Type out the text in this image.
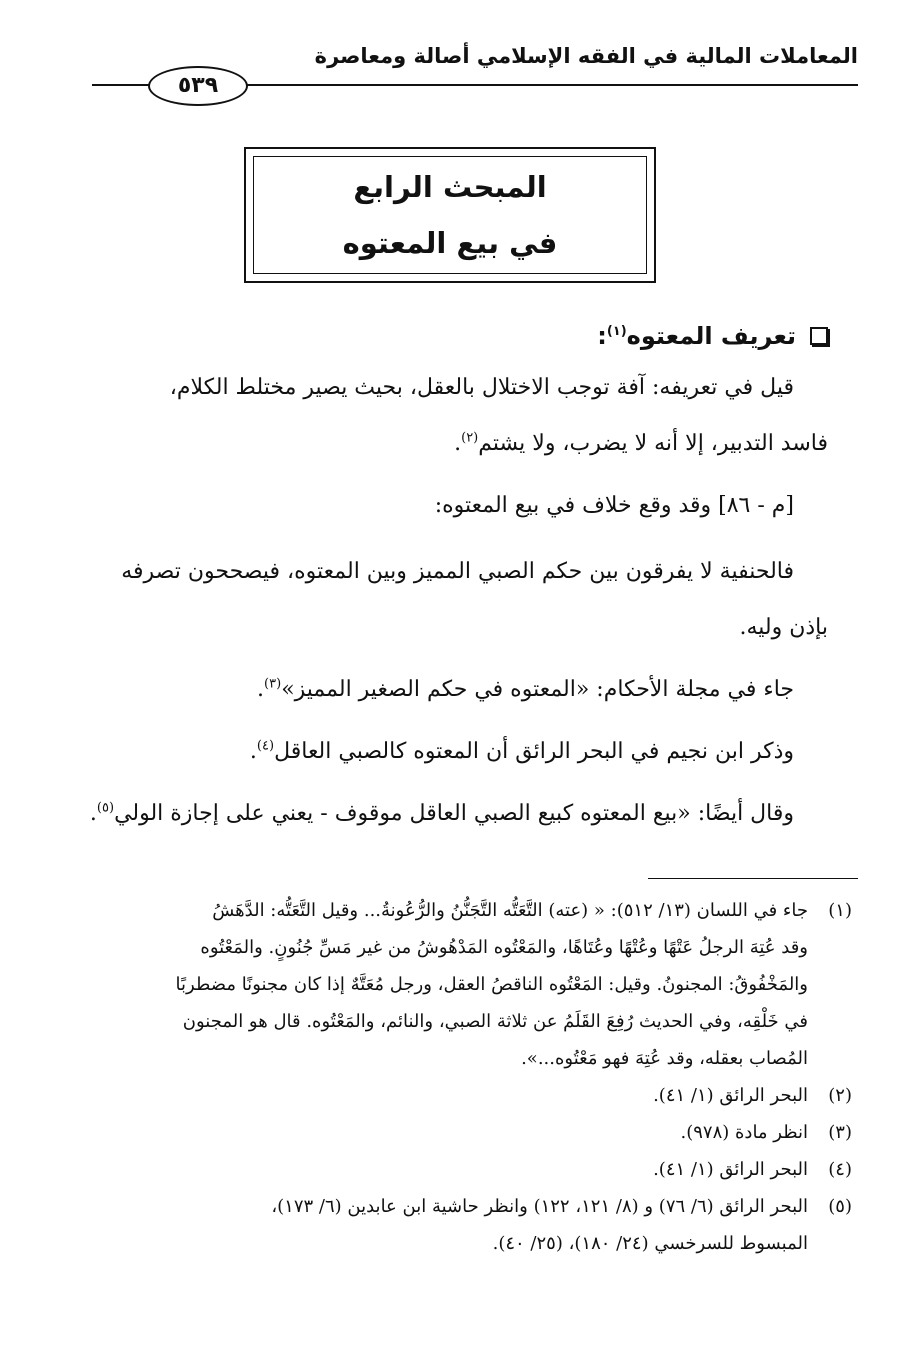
المعاملات المالية في الفقه الإسلامي أصالة ومعاصرة
٥٣٩
المبحث الرابع
في بيع المعتوه

تعريف المعتوه$^{(١)}$:

قيل في تعريفه: آفة توجب الاختلال بالعقل، بحيث يصير مختلط الكلام،

فاسد التدبير، إلا أنه لا يضرب، ولا يشتم$^{(٢)}$.

[م - ٨٦] وقد وقع خلاف في بيع المعتوه:

فالحنفية لا يفرقون بين حكم الصبي المميز وبين المعتوه، فيصححون تصرفه

بإذن وليه.

جاء في مجلة الأحكام: «المعتوه في حكم الصغير المميز»$^{(٣)}$.

وذكر ابن نجيم في البحر الرائق أن المعتوه كالصبي العاقل$^{(٤)}$.

وقال أيضًا: «بيع المعتوه كبيع الصبي العاقل موقوف - يعني على إجازة الولي$^{(٥)}$.

(١)
جاء في اللسان (١٣/ ٥١٢): « (عته) التَّعَتُّه التَّجَنُّنُ والرُّعُونةُ... وقيل التَّعَتُّه: الدَّهَشُ
وقد عُتِهَ الرجلُ عَتْهًا وعُتْهًا وعُتَاهًا، والمَعْتُوه المَدْهُوشُ من غير مَسِّ جُنُونٍ. والمَعْتُوه
والمَخْفُوقُ: المجنونُ. وقيل: المَعْتُوه الناقصُ العقل، ورجل مُعَتَّهٌ إذا كان مجنونًا مضطربًا
في خَلْقِه، وفي الحديث رُفِعَ القَلَمُ عن ثلاثة الصبي، والنائم، والمَعْتُوه. قال هو المجنون
المُصاب بعقله، وقد عُتِهَ فهو مَعْتُوه...».
(٢)
البحر الرائق (١/ ٤١).
(٣)
انظر مادة (٩٧٨).
(٤)
البحر الرائق (١/ ٤١).
(٥)
البحر الرائق (٦/ ٧٦) و (٨/ ١٢١، ١٢٢) وانظر حاشية ابن عابدين (٦/ ١٧٣)،
المبسوط للسرخسي (٢٤/ ١٨٠)، (٢٥/ ٤٠).
